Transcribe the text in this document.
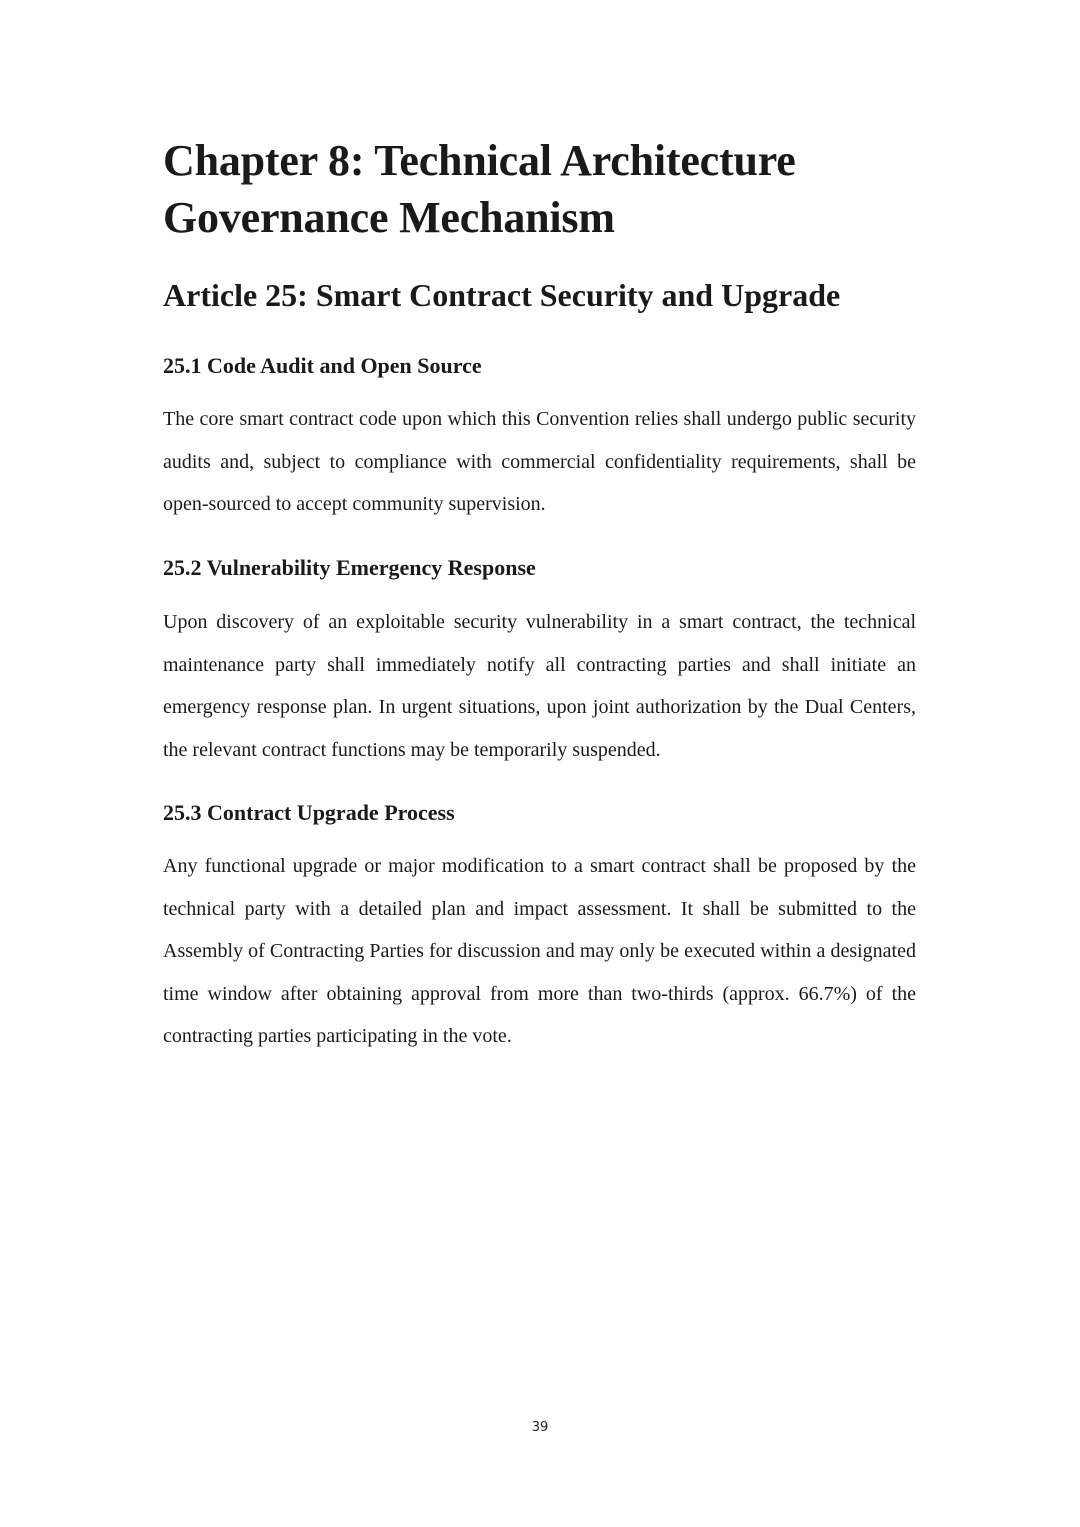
Chapter 8: Technical Architecture
Governance Mechanism
Article 25: Smart Contract Security and Upgrade
25.1 Code Audit and Open Source

The core smart contract code upon which this Convention relies shall undergo public security audits and, subject to compliance with commercial confidentiality requirements, shall be open-sourced to accept community supervision.

25.2 Vulnerability Emergency Response

Upon discovery of an exploitable security vulnerability in a smart contract, the technical maintenance party shall immediately notify all contracting parties and shall initiate an emergency response plan. In urgent situations, upon joint authorization by the Dual Centers, the relevant contract functions may be temporarily suspended.

25.3 Contract Upgrade Process

Any functional upgrade or major modification to a smart contract shall be proposed by the technical party with a detailed plan and impact assessment. It shall be submitted to the Assembly of Contracting Parties for discussion and may only be executed within a designated time window after obtaining approval from more than two-thirds (approx. 66.7%) of the contracting parties participating in the vote.

39
